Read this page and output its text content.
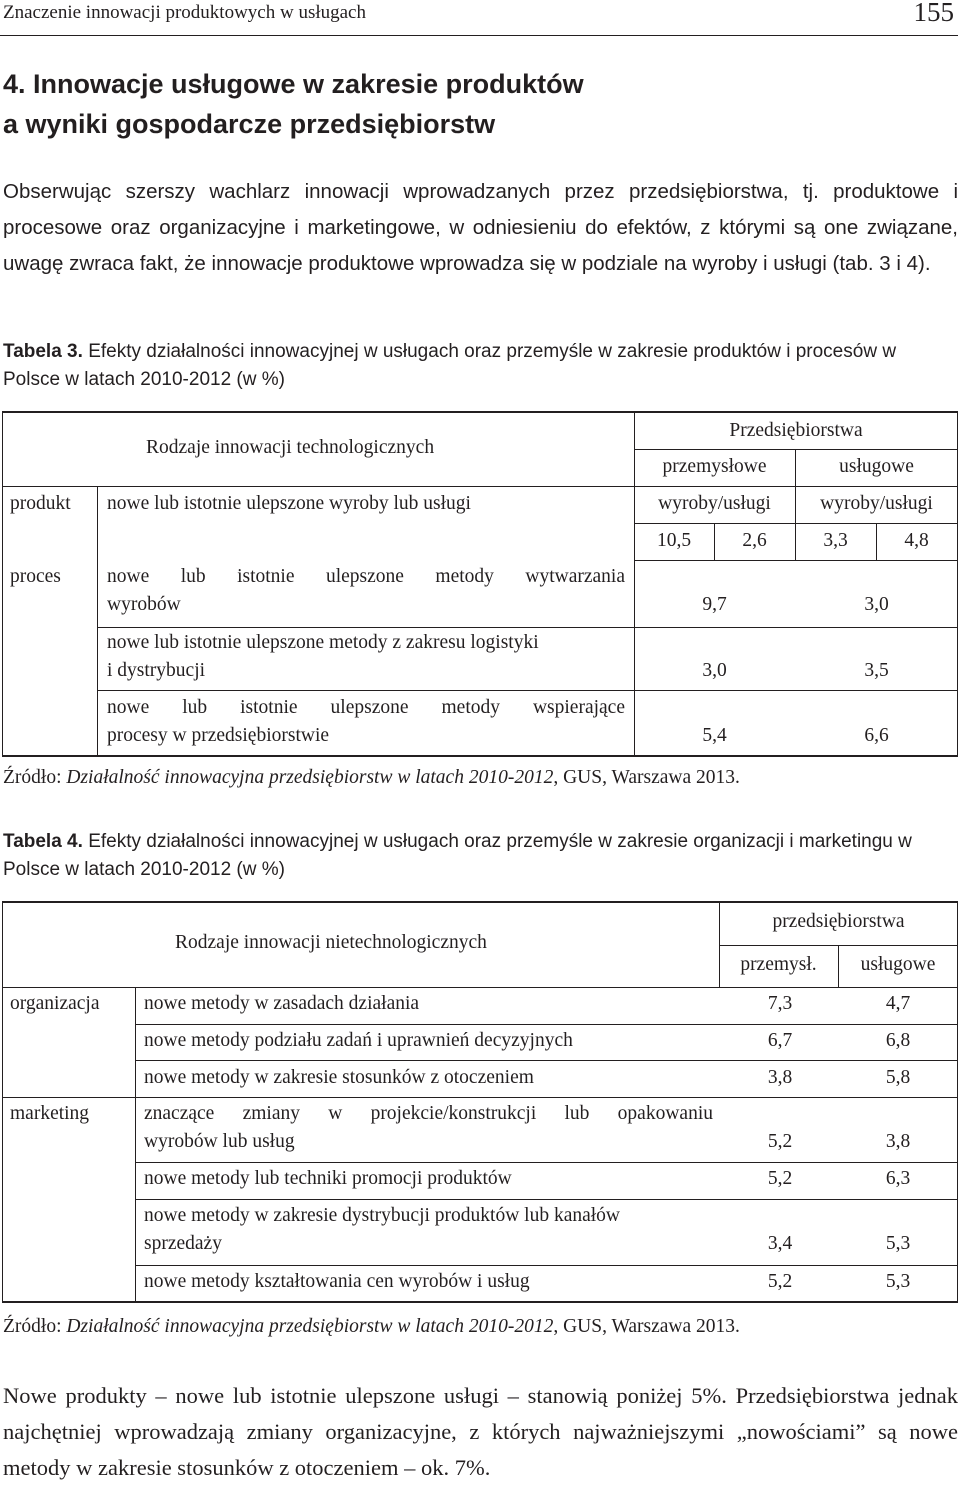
Znaczenie innowacji produktowych w usługach	155
4. Innowacje usługowe w zakresie produktów
a wyniki gospodarcze przedsiębiorstw
Obserwując szerszy wachlarz innowacji wprowadzanych przez przedsiębiorstwa, tj. produktowe i procesowe oraz organizacyjne i marketingowe, w odniesieniu do efektów, z którymi są one związane, uwagę zwraca fakt, że innowacje produktowe wprowadza się w podziale na wyroby i usługi (tab. 3 i 4).
Tabela 3. Efekty działalności innowacyjnej w usługach oraz przemyśle w zakresie produktów i procesów w Polsce w latach 2010-2012 (w %)
Rodzaje innowacji technologicznych
Przedsiębiorstwa
przemysłowe	usługowe
produkt nowe lub istotnie ulepszone wyroby lub usługi	wyroby/usługi	wyroby/usługi
10,5	2,6	3,3	4,8
proces nowe lub istotnie ulepszone metody wytwarzania
wyrobów	9,7	3,0
nowe lub istotnie ulepszone metody z zakresu logistyki
i dystrybucji	3,0	3,5
nowe lub istotnie ulepszone metody wspierające
procesy w przedsiębiorstwie	5,4	6,6
Źródło: Działalność innowacyjna przedsiębiorstw w latach 2010-2012, GUS, Warszawa 2013.
Tabela 4. Efekty działalności innowacyjnej w usługach oraz przemyśle w zakresie organizacji i marketingu w Polsce w latach 2010-2012 (w %)
Rodzaje innowacji nietechnologicznych
przedsiębiorstwa
przemysł.	usługowe
organizacja nowe metody w zasadach działania	7,3	4,7
nowe metody podziału zadań i uprawnień decyzyjnych	6,7	6,8
nowe metody w zakresie stosunków z otoczeniem	3,8	5,8
marketing	znaczące zmiany w projekcie/konstrukcji lub opakowaniu
wyrobów lub usług	5,2	3,8
nowe metody lub techniki promocji produktów	5,2	6,3
nowe metody w zakresie dystrybucji produktów lub kanałów
sprzedaży	3,4	5,3
nowe metody kształtowania cen wyrobów i usług	5,2	5,3
Źródło: Działalność innowacyjna przedsiębiorstw w latach 2010-2012, GUS, Warszawa 2013.
Nowe produkty – nowe lub istotnie ulepszone usługi – stanowią poniżej 5%. Przedsiębiorstwa jednak najchętniej wprowadzają zmiany organizacyjne, z których najważniejszymi „nowościami” są nowe metody w zakresie stosunków z otoczeniem – ok. 7%.
